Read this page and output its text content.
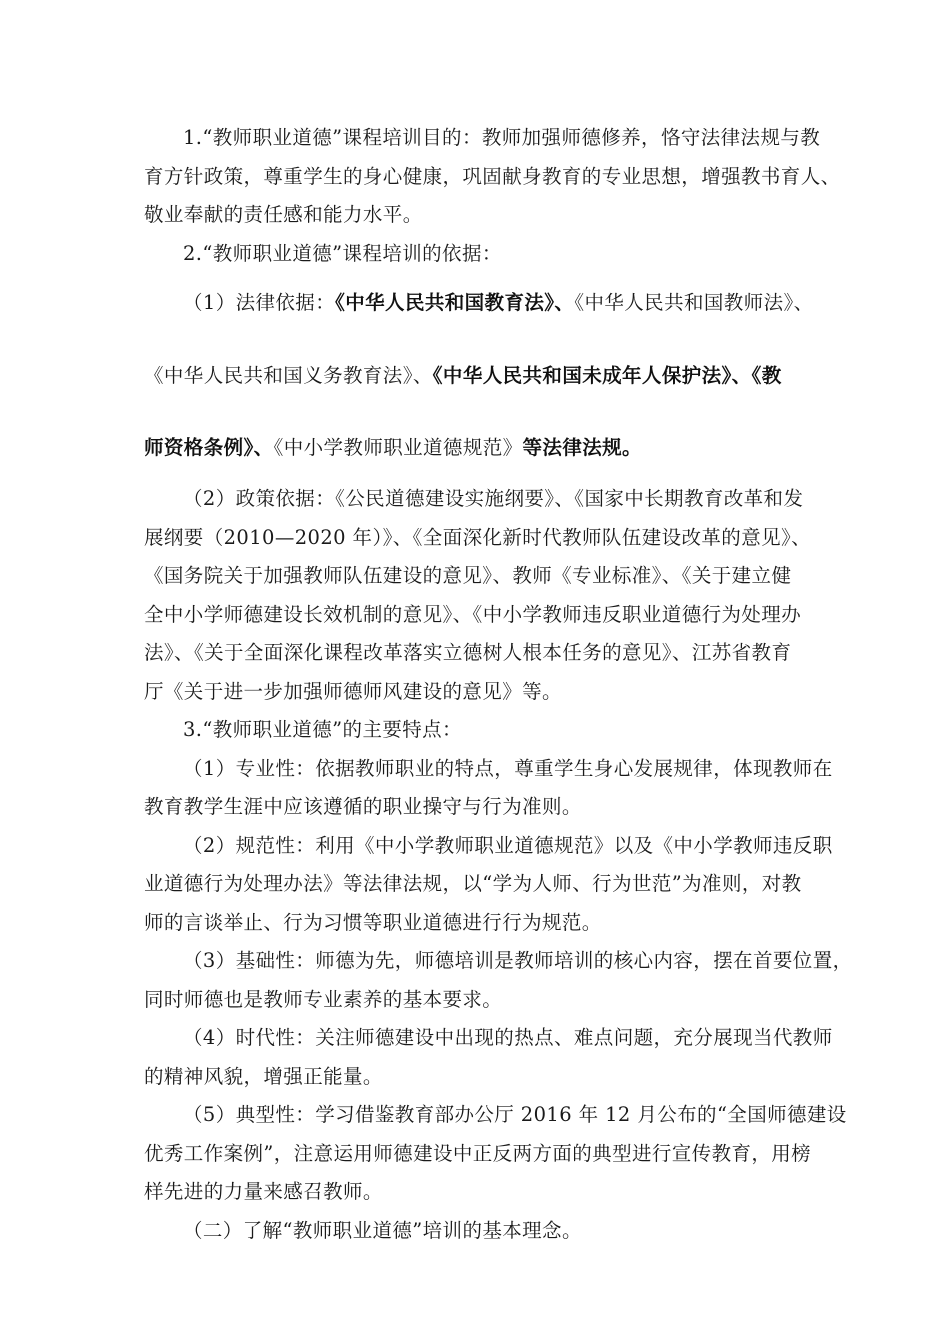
1.“教师职业道德”课程培训目的：教师加强师德修养，恪守法律法规与教
育方针政策，尊重学生的身心健康，巩固献身教育的专业思想，增强教书育人、
敬业奉献的责任感和能力水平。
2.“教师职业道德”课程培训的依据：
（1）法律依据：《中华人民共和国教育法》、《中华人民共和国教师法》、
《中华人民共和国义务教育法》、《中华人民共和国未成年人保护法》、《教
师资格条例》、《中小学教师职业道德规范》等法律法规。
（2）政策依据：《公民道德建设实施纲要》、《国家中长期教育改革和发
展纲要（2010—2020 年）》、《全面深化新时代教师队伍建设改革的意见》、
《国务院关于加强教师队伍建设的意见》、教师《专业标准》、《关于建立健
全中小学师德建设长效机制的意见》、《中小学教师违反职业道德行为处理办
法》、《关于全面深化课程改革落实立德树人根本任务的意见》、江苏省教育
厅《关于进一步加强师德师风建设的意见》等。
3.“教师职业道德”的主要特点：
（1）专业性：依据教师职业的特点，尊重学生身心发展规律，体现教师在
教育教学生涯中应该遵循的职业操守与行为准则。
（2）规范性：利用《中小学教师职业道德规范》以及《中小学教师违反职
业道德行为处理办法》等法律法规，以“学为人师、行为世范”为准则，对教
师的言谈举止、行为习惯等职业道德进行行为规范。
（3）基础性：师德为先，师德培训是教师培训的核心内容，摆在首要位置，
同时师德也是教师专业素养的基本要求。
（4）时代性：关注师德建设中出现的热点、难点问题，充分展现当代教师
的精神风貌，增强正能量。
（5）典型性：学习借鉴教育部办公厅 2016 年 12 月公布的“全国师德建设
优秀工作案例”，注意运用师德建设中正反两方面的典型进行宣传教育，用榜
样先进的力量来感召教师。
（二）了解“教师职业道德”培训的基本理念。
